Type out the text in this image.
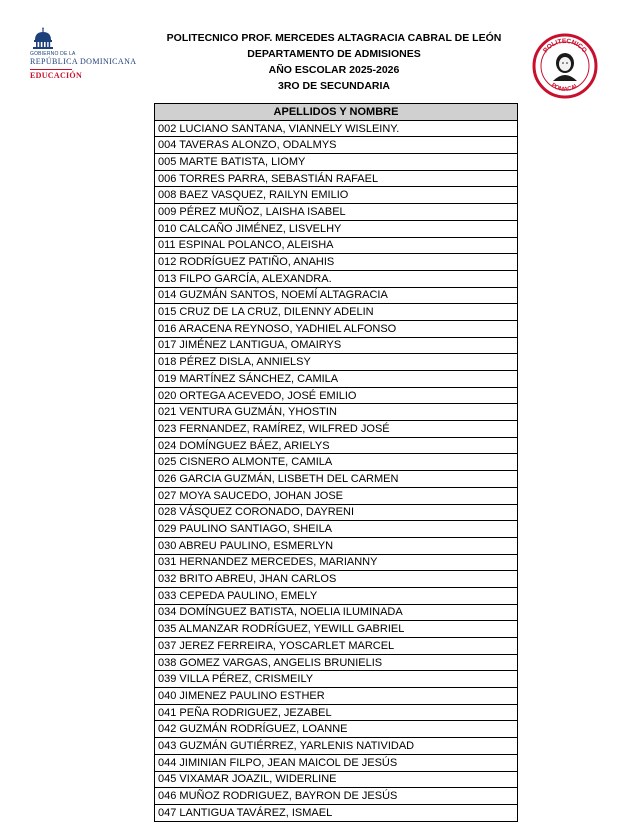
GOBIERNO DE LA
REPÚBLICA DOMINICANA
EDUCACIÓN
POLITECNICO PROF. MERCEDES ALTAGRACIA CABRAL DE LEÓN
DEPARTAMENTO DE ADMISIONES
AÑO ESCOLAR 2025-2026
3RO DE SECUNDARIA
POLITECNICO
POMACAL
APELLIDOS Y NOMBRE
002 LUCIANO SANTANA, VIANNELY WISLEINY.
004 TAVERAS ALONZO, ODALMYS
005 MARTE BATISTA, LIOMY
006 TORRES PARRA, SEBASTIÁN RAFAEL
008 BAEZ VASQUEZ, RAILYN EMILIO
009 PÉREZ MUÑOZ, LAISHA ISABEL
010 CALCAÑO JIMÉNEZ, LISVELHY
011 ESPINAL POLANCO, ALEISHA
012 RODRÍGUEZ PATIÑO, ANAHIS
013 FILPO GARCÍA, ALEXANDRA.
014 GUZMÁN SANTOS, NOEMÍ ALTAGRACIA
015 CRUZ DE LA CRUZ, DILENNY ADELIN
016 ARACENA REYNOSO, YADHIEL ALFONSO
017 JIMÉNEZ LANTIGUA, OMAIRYS
018 PÉREZ DISLA, ANNIELSY
019 MARTÍNEZ SÁNCHEZ, CAMILA
020 ORTEGA ACEVEDO, JOSÉ EMILIO
021 VENTURA GUZMÁN, YHOSTIN
023 FERNANDEZ, RAMÍREZ, WILFRED JOSÉ
024 DOMÍNGUEZ BÁEZ, ARIELYS
025 CISNERO ALMONTE, CAMILA
026 GARCIA GUZMÁN, LISBETH DEL CARMEN
027 MOYA SAUCEDO, JOHAN JOSE
028 VÁSQUEZ CORONADO, DAYRENI
029 PAULINO SANTIAGO, SHEILA
030 ABREU PAULINO, ESMERLYN
031 HERNANDEZ MERCEDES, MARIANNY
032 BRITO ABREU, JHAN CARLOS
033 CEPEDA PAULINO, EMELY
034 DOMÍNGUEZ BATISTA, NOELIA ILUMINADA
035 ALMANZAR RODRÍGUEZ, YEWILL GABRIEL
037 JEREZ FERREIRA, YOSCARLET MARCEL
038 GOMEZ VARGAS, ANGELIS BRUNIELIS
039 VILLA PÉREZ, CRISMEILY
040 JIMENEZ PAULINO ESTHER
041 PEÑA RODRIGUEZ, JEZABEL
042 GUZMÁN RODRÍGUEZ, LOANNE
043 GUZMÁN GUTIÉRREZ, YARLENIS NATIVIDAD
044 JIMINIAN FILPO, JEAN MAICOL DE JESÚS
045 VIXAMAR JOAZIL, WIDERLINE
046 MUÑOZ RODRIGUEZ, BAYRON DE JESÚS
047 LANTIGUA TAVÁREZ, ISMAEL
